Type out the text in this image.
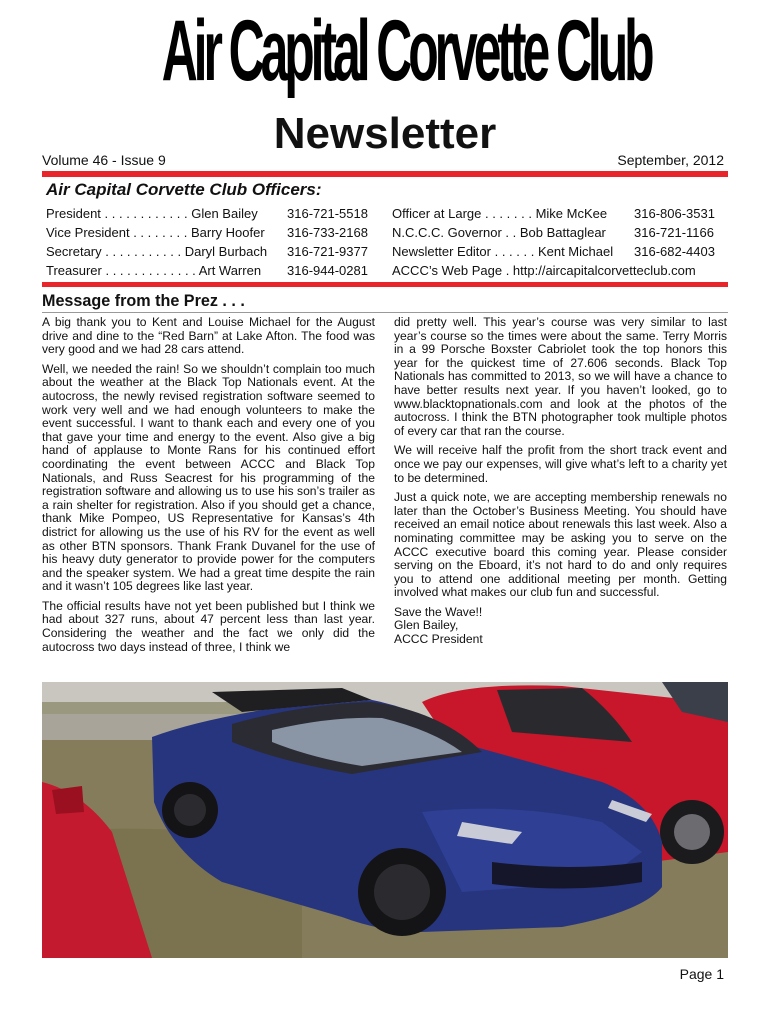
Air Capital Corvette Club
Newsletter
Volume 46 - Issue 9	September, 2012
Air Capital Corvette Club Officers:
President . . . . . . . . . . . . Glen Bailey 316-721-5518
Vice President . . . . . . . . Barry Hoofer 316-733-2168
Secretary . . . . . . . . . . . Daryl Burbach 316-721-9377
Treasurer . . . . . . . . . . . . . Art Warren 316-944-0281
Officer at Large . . . . . . . Mike McKee 316-806-3531
N.C.C.C. Governor . . Bob Battaglear 316-721-1166
Newsletter Editor . . . . . . Kent Michael 316-682-4403
ACCC’s Web Page . http://aircapitalcorvetteclub.com
Message from the Prez . . .

A big thank you to Kent and Louise Michael for the August drive and dine to the “Red Barn” at Lake Afton. The food was very good and we had 28 cars attend.

Well, we needed the rain! So we shouldn’t complain too much about the weather at the Black Top Nationals event. At the autocross, the newly revised registration software seemed to work very well and we had enough volunteers to make the event successful. I want to thank each and every one of you that gave your time and energy to the event. Also give a big hand of applause to Monte Rans for his continued effort coordinating the event between ACCC and Black Top Nationals, and Russ Seacrest for his programming of the registration software and allowing us to use his son’s trailer as a rain shelter for registration. Also if you should get a chance, thank Mike Pompeo, US Representative for Kansas’s 4th district for allowing us the use of his RV for the event as well as other BTN sponsors. Thank Frank Duvanel for the use of his heavy duty generator to provide power for the computers and the speaker system. We had a great time despite the rain and it wasn’t 105 degrees like last year.

The official results have not yet been published but I think we had about 327 runs, about 47 percent less than last year. Considering the weather and the fact we only did the autocross two days instead of three, I think we

did pretty well. This year’s course was very similar to last year’s course so the times were about the same. Terry Morris in a 99 Porsche Boxster Cabriolet took the top honors this year for the quickest time of 27.606 seconds. Black Top Nationals has committed to 2013, so we will have a chance to have better results next year. If you haven’t looked, go to www.blacktopnationals.com and look at the photos of the autocross. I think the BTN photographer took multiple photos of every car that ran the course.

We will receive half the profit from the short track event and once we pay our expenses, will give what’s left to a charity yet to be determined.

Just a quick note, we are accepting membership renewals no later than the October’s Business Meeting. You should have received an email notice about renewals this last week. Also a nominating committee may be asking you to serve on the ACCC executive board this coming year. Please consider serving on the Eboard, it’s not hard to do and only requires you to attend one additional meeting per month. Getting involved what makes our club fun and successful.

Save the Wave!!

Glen Bailey,

ACCC President

Page 1
